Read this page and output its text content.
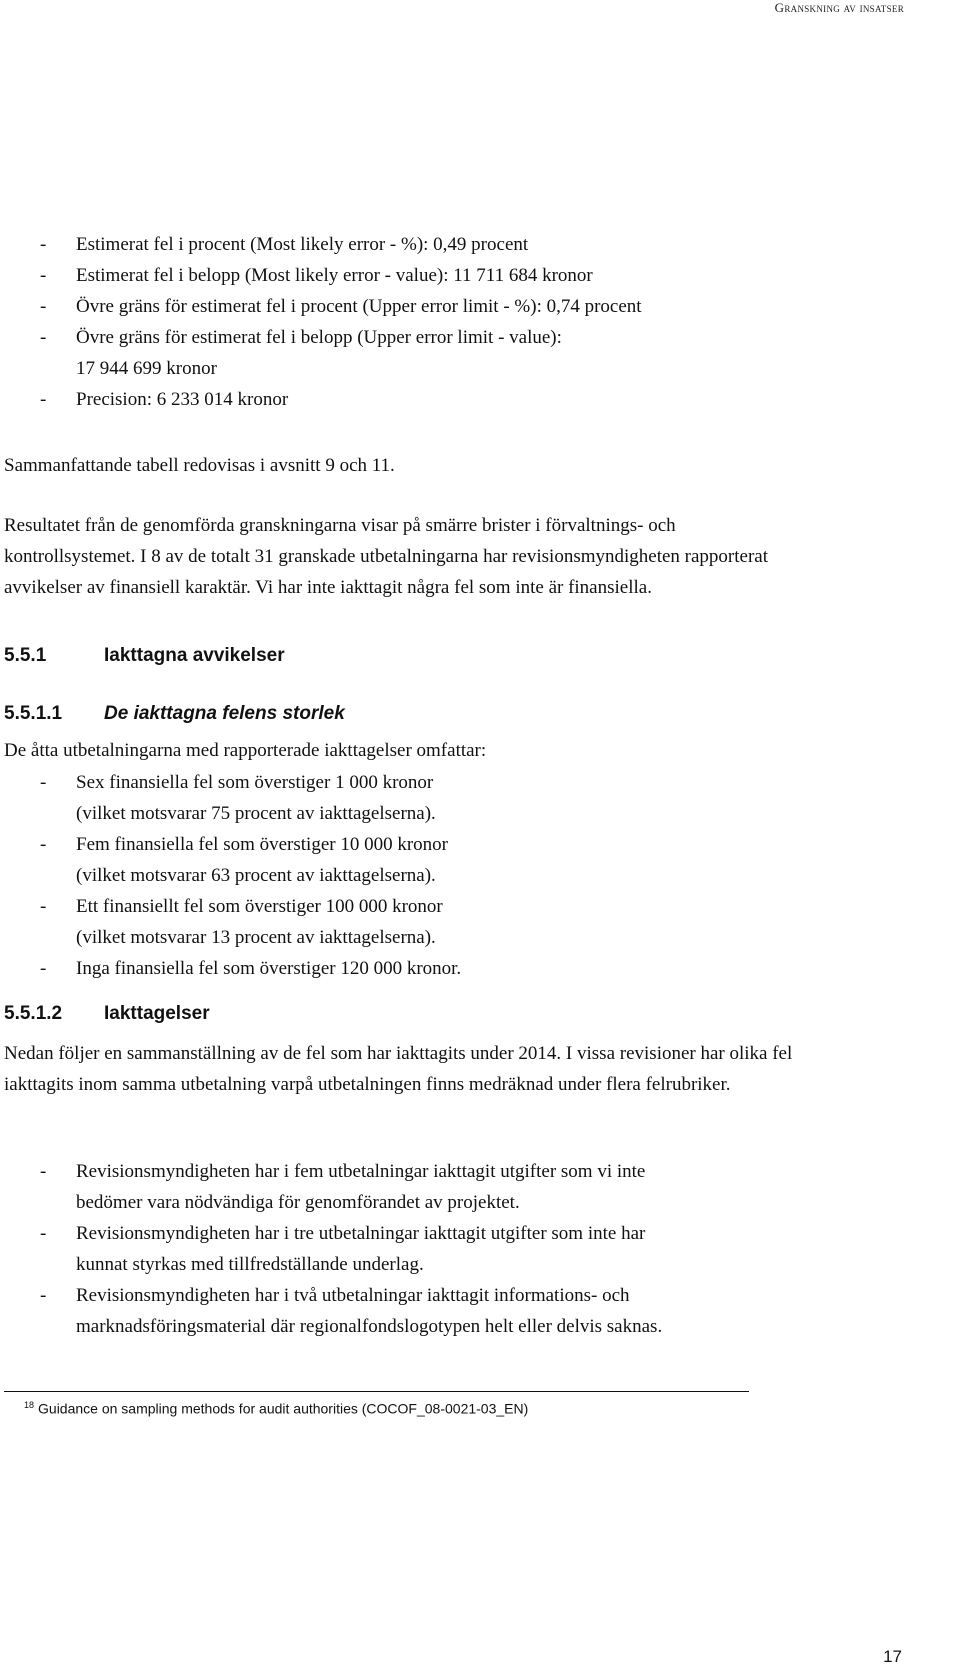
Granskning av insatser
- Estimerat fel i procent (Most likely error - %): 0,49 procent
- Estimerat fel i belopp (Most likely error - value): 11 711 684 kronor
- Övre gräns för estimerat fel i procent (Upper error limit - %): 0,74 procent
- Övre gräns för estimerat fel i belopp (Upper error limit - value):
17 944 699 kronor
- Precision: 6 233 014 kronor

Sammanfattande tabell redovisas i avsnitt 9 och 11.

Resultatet från de genomförda granskningarna visar på smärre brister i förvaltnings- och kontrollsystemet. I 8 av de totalt 31 granskade utbetalningarna har revisionsmyndigheten rapporterat avvikelser av finansiell karaktär. Vi har inte iakttagit några fel som inte är finansiella.

5.5.1	Iakttagna avvikelser
5.5.1.1 De iakttagna felens storlek

De åtta utbetalningarna med rapporterade iakttagelser omfattar:

- Sex finansiella fel som överstiger 1 000 kronor
(vilket motsvarar 75 procent av iakttagelserna).
- Fem finansiella fel som överstiger 10 000 kronor
(vilket motsvarar 63 procent av iakttagelserna).
- Ett finansiellt fel som överstiger 100 000 kronor
(vilket motsvarar 13 procent av iakttagelserna).
- Inga finansiella fel som överstiger 120 000 kronor.
5.5.1.2 Iakttagelser

Nedan följer en sammanställning av de fel som har iakttagits under 2014. I vissa revisioner har olika fel iakttagits inom samma utbetalning varpå utbetalningen finns medräknad under flera felrubriker.

- Revisionsmyndigheten har i fem utbetalningar iakttagit utgifter som vi inte
bedömer vara nödvändiga för genomförandet av projektet.
- Revisionsmyndigheten har i tre utbetalningar iakttagit utgifter som inte har
kunnat styrkas med tillfredställande underlag.
- Revisionsmyndigheten har i två utbetalningar iakttagit informations- och
marknadsföringsmaterial där regionalfondslogotypen helt eller delvis saknas.
$^{18}$ Guidance on sampling methods for audit authorities (COCOF_08-0021-03_EN)
17
